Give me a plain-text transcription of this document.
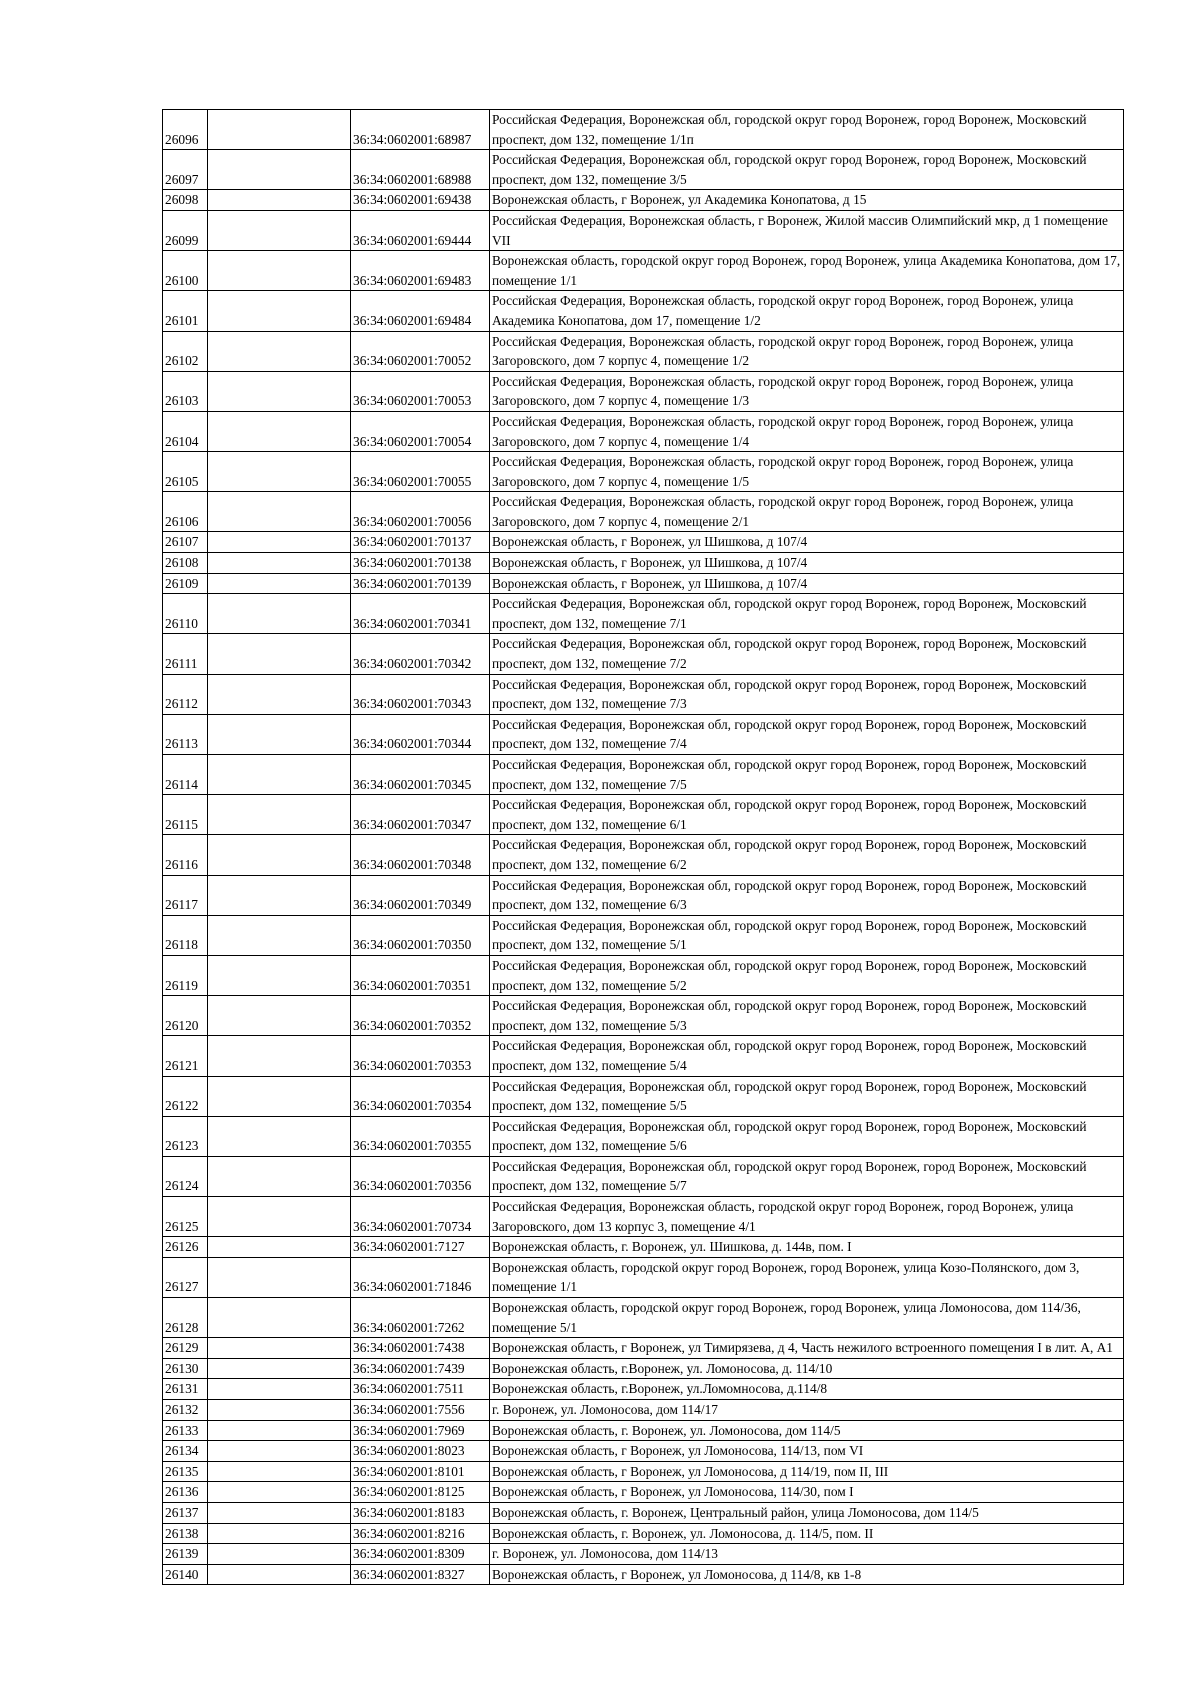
26096		36:34:0602001:68987	Российская Федерация, Воронежская обл, городской округ город Воронеж, город Воронеж, Московский проспект, дом 132, помещение 1/1п
26097		36:34:0602001:68988	Российская Федерация, Воронежская обл, городской округ город Воронеж, город Воронеж, Московский проспект, дом 132, помещение 3/5
26098		36:34:0602001:69438	Воронежская область, г Воронеж, ул Академика Конопатова, д 15
26099		36:34:0602001:69444	Российская Федерация, Воронежская область, г Воронеж, Жилой массив Олимпийский мкр, д 1 помещение VII
26100		36:34:0602001:69483	Воронежская область, городской округ город Воронеж, город Воронеж, улица Академика Конопатова, дом 17, помещение 1/1
26101		36:34:0602001:69484	Российская Федерация, Воронежская область, городской округ город Воронеж, город Воронеж, улица Академика Конопатова, дом 17, помещение 1/2
26102		36:34:0602001:70052	Российская Федерация, Воронежская область, городской округ город Воронеж, город Воронеж, улица Загоровского, дом 7 корпус 4, помещение 1/2
26103		36:34:0602001:70053	Российская Федерация, Воронежская область, городской округ город Воронеж, город Воронеж, улица Загоровского, дом 7 корпус 4, помещение 1/3
26104		36:34:0602001:70054	Российская Федерация, Воронежская область, городской округ город Воронеж, город Воронеж, улица Загоровского, дом 7 корпус 4, помещение 1/4
26105		36:34:0602001:70055	Российская Федерация, Воронежская область, городской округ город Воронеж, город Воронеж, улица Загоровского, дом 7 корпус 4, помещение 1/5
26106		36:34:0602001:70056	Российская Федерация, Воронежская область, городской округ город Воронеж, город Воронеж, улица Загоровского, дом 7 корпус 4, помещение 2/1
26107		36:34:0602001:70137	Воронежская область, г Воронеж, ул Шишкова, д 107/4
26108		36:34:0602001:70138	Воронежская область, г Воронеж, ул Шишкова, д 107/4
26109		36:34:0602001:70139	Воронежская область, г Воронеж, ул Шишкова, д 107/4
26110		36:34:0602001:70341	Российская Федерация, Воронежская обл, городской округ город Воронеж, город Воронеж, Московский проспект, дом 132, помещение 7/1
26111		36:34:0602001:70342	Российская Федерация, Воронежская обл, городской округ город Воронеж, город Воронеж, Московский проспект, дом 132, помещение 7/2
26112		36:34:0602001:70343	Российская Федерация, Воронежская обл, городской округ город Воронеж, город Воронеж, Московский проспект, дом 132, помещение 7/3
26113		36:34:0602001:70344	Российская Федерация, Воронежская обл, городской округ город Воронеж, город Воронеж, Московский проспект, дом 132, помещение 7/4
26114		36:34:0602001:70345	Российская Федерация, Воронежская обл, городской округ город Воронеж, город Воронеж, Московский проспект, дом 132, помещение 7/5
26115		36:34:0602001:70347	Российская Федерация, Воронежская обл, городской округ город Воронеж, город Воронеж, Московский проспект, дом 132, помещение 6/1
26116		36:34:0602001:70348	Российская Федерация, Воронежская обл, городской округ город Воронеж, город Воронеж, Московский проспект, дом 132, помещение 6/2
26117		36:34:0602001:70349	Российская Федерация, Воронежская обл, городской округ город Воронеж, город Воронеж, Московский проспект, дом 132, помещение 6/3
26118		36:34:0602001:70350	Российская Федерация, Воронежская обл, городской округ город Воронеж, город Воронеж, Московский проспект, дом 132, помещение 5/1
26119		36:34:0602001:70351	Российская Федерация, Воронежская обл, городской округ город Воронеж, город Воронеж, Московский проспект, дом 132, помещение 5/2
26120		36:34:0602001:70352	Российская Федерация, Воронежская обл, городской округ город Воронеж, город Воронеж, Московский проспект, дом 132, помещение 5/3
26121		36:34:0602001:70353	Российская Федерация, Воронежская обл, городской округ город Воронеж, город Воронеж, Московский проспект, дом 132, помещение 5/4
26122		36:34:0602001:70354	Российская Федерация, Воронежская обл, городской округ город Воронеж, город Воронеж, Московский проспект, дом 132, помещение 5/5
26123		36:34:0602001:70355	Российская Федерация, Воронежская обл, городской округ город Воронеж, город Воронеж, Московский проспект, дом 132, помещение 5/6
26124		36:34:0602001:70356	Российская Федерация, Воронежская обл, городской округ город Воронеж, город Воронеж, Московский проспект, дом 132, помещение 5/7
26125		36:34:0602001:70734	Российская Федерация, Воронежская область, городской округ город Воронеж, город Воронеж, улица Загоровского, дом 13 корпус 3, помещение 4/1
26126		36:34:0602001:7127	Воронежская область, г. Воронеж, ул. Шишкова, д. 144в, пом. I
26127		36:34:0602001:71846	Воронежская область, городской округ город Воронеж, город Воронеж, улица Козо-Полянского, дом 3, помещение 1/1
26128		36:34:0602001:7262	Воронежская область, городской округ город Воронеж, город Воронеж, улица Ломоносова, дом 114/36, помещение 5/1
26129		36:34:0602001:7438	Воронежская область, г Воронеж, ул Тимирязева, д 4, Часть нежилого встроенного помещения I в лит. А, А1
26130		36:34:0602001:7439	Воронежская область, г.Воронеж, ул. Ломоносова, д. 114/10
26131		36:34:0602001:7511	Воронежская область, г.Воронеж, ул.Ломомносова, д.114/8
26132		36:34:0602001:7556	г. Воронеж, ул. Ломоносова, дом 114/17
26133		36:34:0602001:7969	Воронежская область, г. Воронеж, ул. Ломоносова, дом 114/5
26134		36:34:0602001:8023	Воронежская область, г Воронеж, ул Ломоносова, 114/13, пом VI
26135		36:34:0602001:8101	Воронежская область, г Воронеж, ул Ломоносова, д 114/19, пом II, III
26136		36:34:0602001:8125	Воронежская область, г Воронеж, ул Ломоносова, 114/30, пом I
26137		36:34:0602001:8183	Воронежская область, г. Воронеж, Центральный район, улица Ломоносова, дом 114/5
26138		36:34:0602001:8216	Воронежская область, г. Воронеж, ул. Ломоносова, д. 114/5, пом. II
26139		36:34:0602001:8309	г. Воронеж, ул. Ломоносова, дом 114/13
26140		36:34:0602001:8327	Воронежская область, г Воронеж, ул Ломоносова, д 114/8, кв 1-8
